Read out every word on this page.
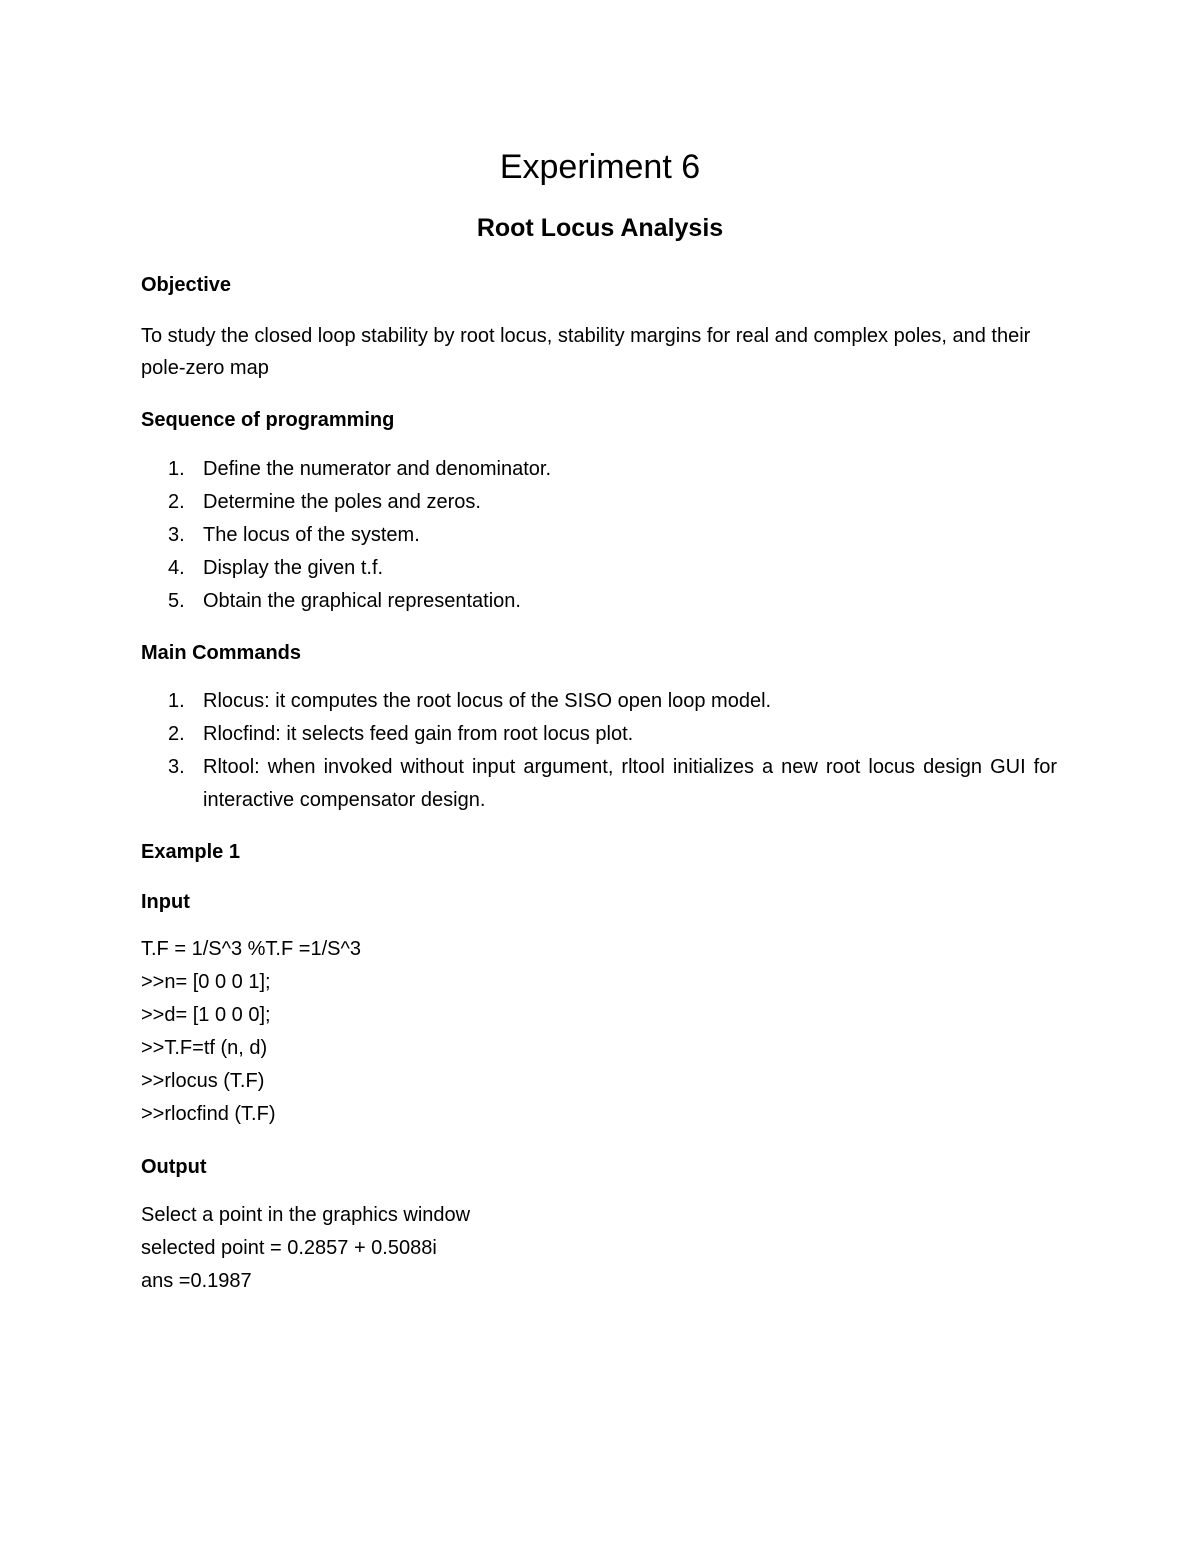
Experiment 6
Root Locus Analysis
Objective

To study the closed loop stability by root locus, stability margins for real and complex poles, and their pole-zero map

Sequence of programming
1. Define the numerator and denominator.
2. Determine the poles and zeros.
3. The locus of the system.
4. Display the given t.f.
5. Obtain the graphical representation.
Main Commands
1. Rlocus: it computes the root locus of the SISO open loop model.
2. Rlocfind: it selects feed gain from root locus plot.
3. Rltool: when invoked without input argument, rltool initializes a new root locus design GUI for    interactive compensator design.
Example 1
Input
T.F = 1/S^3 %T.F =1/S^3
>>n= [0 0 0 1];
>>d= [1 0 0 0];
>>T.F=tf (n, d)
>>rlocus (T.F)
>>rlocfind (T.F)
Output
Select a point in the graphics window
selected point = 0.2857 + 0.5088i
ans =0.1987
